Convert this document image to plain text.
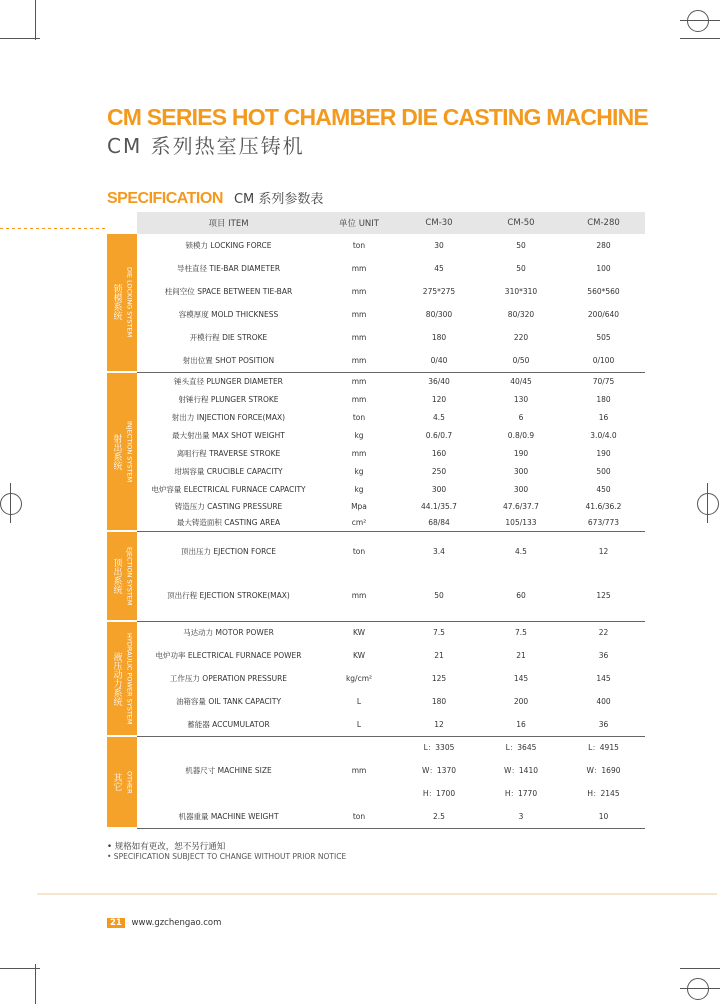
CM SERIES HOT CHAMBER DIE CASTING MACHINE
CM 系列热室压铸机
SPECIFICATION CM 系列参数表
	项目 ITEM	单位 UNIT	CM-30	CM-50	CM-280

锁模系统 DIE LOCKING SYSTEM	锁模力 LOCKING FORCE	ton	30	50	280
	导柱直径 TIE-BAR DIAMETER	mm	45	50	100
	柱间空位 SPACE BETWEEN TIE-BAR	mm	275*275	310*310	560*560
	容模厚度 MOLD THICKNESS	mm	80/300	80/320	200/640
	开模行程 DIE STROKE	mm	180	220	505
	射出位置 SHOT POSITION	mm	0/40	0/50	0/100

射出系统 INJECTION SYSTEM	锤头直径 PLUNGER DIAMETER	mm	36/40	40/45	70/75
	射锤行程 PLUNGER STROKE	mm	120	130	180
	射出力 INJECTION FORCE(MAX)	ton	4.5	6	16
	最大射出量 MAX SHOT WEIGHT	kg	0.6/0.7	0.8/0.9	3.0/4.0
	离咀行程 TRAVERSE STROKE	mm	160	190	190
	坩埚容量 CRUCIBLE CAPACITY	kg	250	300	500
	电炉容量 ELECTRICAL FURNACE CAPACITY	kg	300	300	450
	铸造压力 CASTING PRESSURE	Mpa	44.1/35.7	47.6/37.7	41.6/36.2
	最大铸造面积 CASTING AREA	cm²	68/84	105/133	673/773

顶出系统 EJECTION SYSTEM	顶出压力 EJECTION FORCE	ton	3.4	4.5	12
	顶出行程 EJECTION STROKE(MAX)	mm	50	60	125

液压动力系统 HYDRAULIC POWER SYSTEM	马达动力 MOTOR POWER	KW	7.5	7.5	22
	电炉功率 ELECTRICAL FURNACE POWER	KW	21	21	36
	工作压力 OPERATION PRESSURE	kg/cm²	125	145	145
	油箱容量 OIL TANK CAPACITY	L	180	200	400
	蓄能器 ACCUMULATOR	L	12	16	36

其它 OTHER	机器尺寸 MACHINE SIZE	mm	L：3305	L：3645	L：4915
			W：1370	W：1410	W：1690
			H：1700	H：1770	H：2145
	机器重量 MACHINE WEIGHT	ton	2.5	3	10
• 规格如有更改，恕不另行通知
• SPECIFICATION SUBJECT TO CHANGE WITHOUT PRIOR NOTICE
21 www.gzchengao.com
